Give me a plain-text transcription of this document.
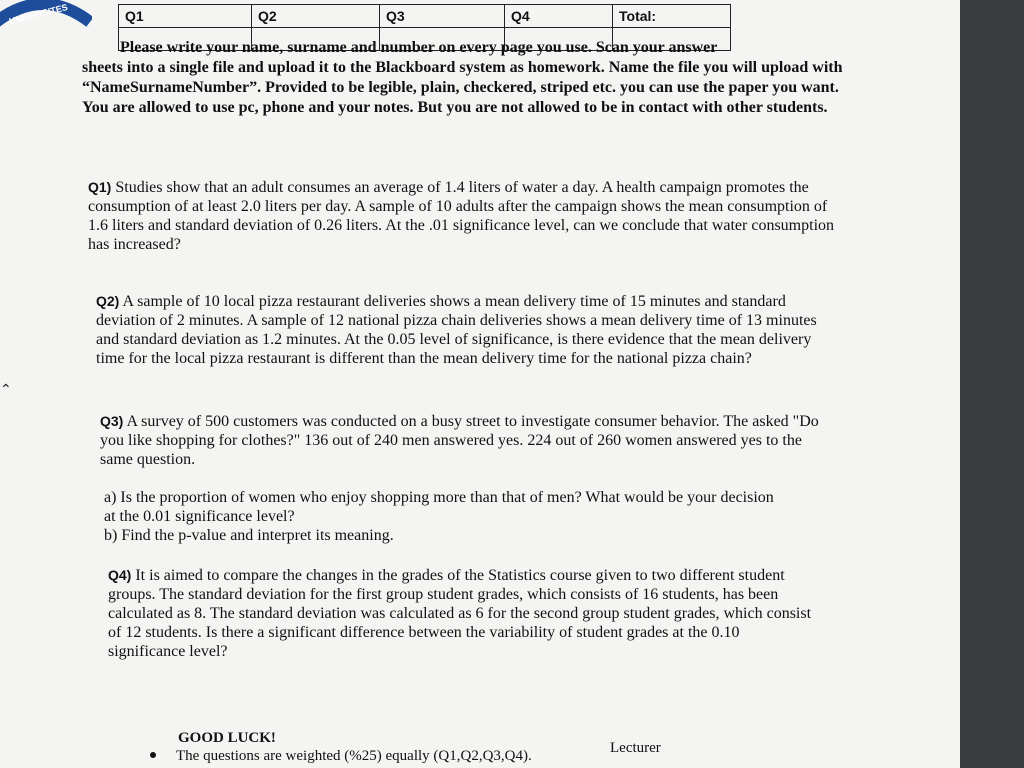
UNIVERSITES	Q1	Q2	Q3	Q4	Total:

Please write your name, surname and number on every page you use. Scan your answer
sheets into a single file and upload it to the Blackboard system as homework. Name the file you will upload with “NameSurnameNumber”. Provided to be legible, plain, checkered, striped etc. you can use the paper you want. You are allowed to use pc, phone and your notes. But you are not allowed to be in contact with other students.
Q1) Studies show that an adult consumes an average of 1.4 liters of water a day. A health campaign promotes the consumption of at least 2.0 liters per day. A sample of 10 adults after the campaign shows the mean consumption of 1.6 liters and standard deviation of 0.26 liters. At the .01 significance level, can we conclude that water consumption has increased?
Q2) A sample of 10 local pizza restaurant deliveries shows a mean delivery time of 15 minutes and standard deviation of 2 minutes. A sample of 12 national pizza chain deliveries shows a mean delivery time of 13 minutes and standard deviation as 1.2 minutes. At the 0.05 level of significance, is there evidence that the mean delivery time for the local pizza restaurant is different than the mean delivery time for the national pizza chain?
Q3) A survey of 500 customers was conducted on a busy street to investigate consumer behavior. The asked "Do you like shopping for clothes?" 136 out of 240 men answered yes. 224 out of 260 women answered yes to the same question.
a) Is the proportion of women who enjoy shopping more than that of men? What would be your decision at the 0.01 significance level?
b) Find the p-value and interpret its meaning.
Q4) It is aimed to compare the changes in the grades of the Statistics course given to two different student groups. The standard deviation for the first group student grades, which consists of 16 students, has been calculated as 8. The standard deviation was calculated as 6 for the second group student grades, which consist of 12 students. Is there a significant difference between the variability of student grades at the 0.10 significance level?
GOOD LUCK!
The questions are weighted (%25) equally (Q1,Q2,Q3,Q4).	Lecturer
⌃
